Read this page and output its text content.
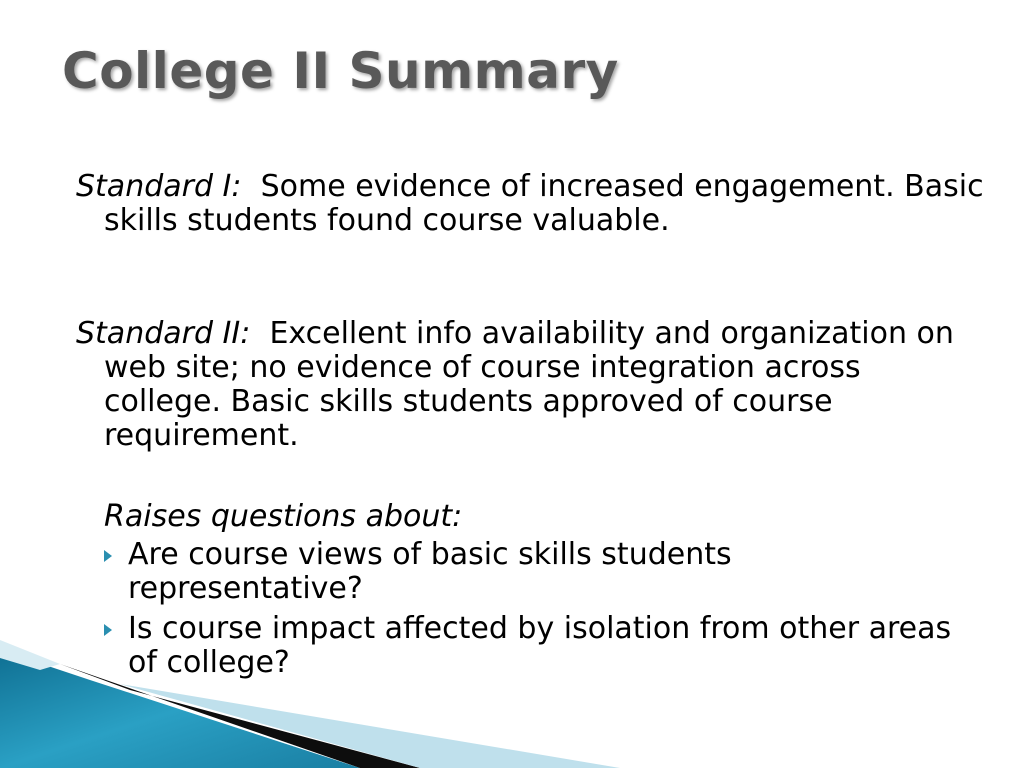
College II Summary

Standard I: Some evidence of increased engagement. Basic skills students found course valuable.

Standard II: Excellent info availability and organization on web site; no evidence of course integration across college. Basic skills students approved of course requirement.

Raises questions about:

Are course views of basic skills students representative?
Is course impact affected by isolation from other areas of college?
